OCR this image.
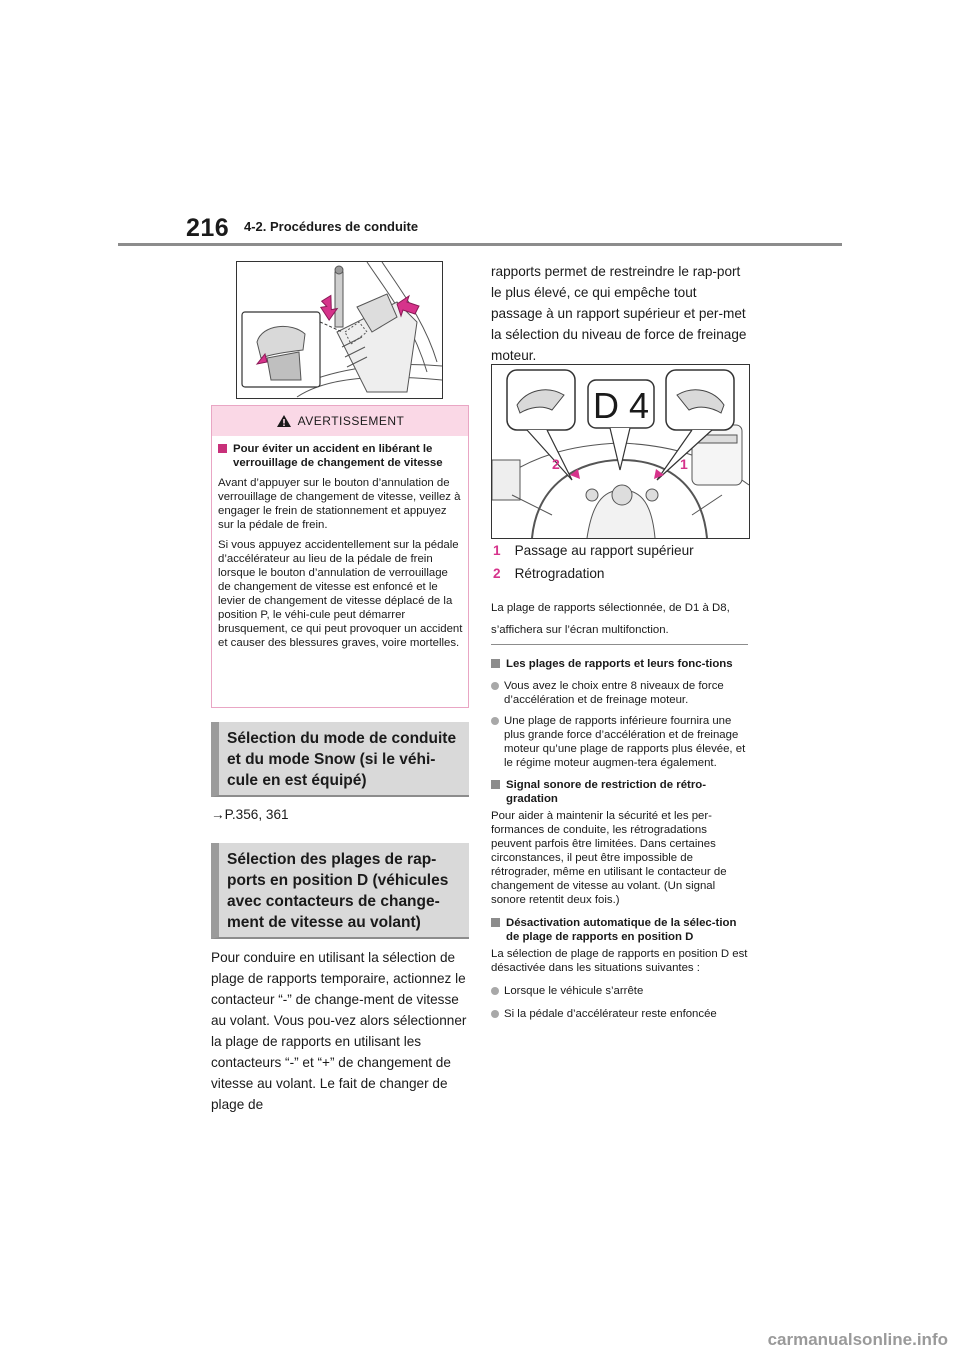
216 4-2. Procédures de conduite
AVERTISSEMENT
Pour éviter un accident en libérant le verrouillage de changement de vitesse

Avant d’appuyer sur le bouton d’annulation de verrouillage de changement de vitesse, veillez à engager le frein de stationnement et appuyez sur la pédale de frein.

Si vous appuyez accidentellement sur la pédale d’accélérateur au lieu de la pédale de frein lorsque le bouton d’annulation de verrouillage de changement de vitesse est enfoncé et le levier de changement de vitesse déplacé de la position P, le véhi-cule peut démarrer brusquement, ce qui peut provoquer un accident et causer des blessures graves, voire mortelles.

Sélection du mode de conduite et du mode Snow (si le véhi-cule en est équipé)
→P.356, 361
Sélection des plages de rap-ports en position D (véhicules avec contacteurs de change-ment de vitesse au volant)
Pour conduire en utilisant la sélection de plage de rapports temporaire, actionnez le contacteur “-” de change-ment de vitesse au volant. Vous pou-vez alors sélectionner la plage de rapports en utilisant les contacteurs “-” et “+” de changement de vitesse au volant. Le fait de changer de plage de
rapports permet de restreindre le rap-port le plus élevé, ce qui empêche tout passage à un rapport supérieur et per-met la sélection du niveau de force de freinage moteur.
D 4
2	1
1 Passage au rapport supérieur
2 Rétrogradation
La plage de rapports sélectionnée, de D1 à D8, s’affichera sur l’écran multifonction.
Les plages de rapports et leurs fonc-tions
Vous avez le choix entre 8 niveaux de force d’accélération et de freinage moteur.
Une plage de rapports inférieure fournira une plus grande force d’accélération et de freinage moteur qu’une plage de rapports plus élevée, et le régime moteur augmen-tera également.
Signal sonore de restriction de rétro-gradation
Pour aider à maintenir la sécurité et les per-formances de conduite, les rétrogradations peuvent parfois être limitées. Dans certaines circonstances, il peut être impossible de rétrograder, même en utilisant le contacteur de changement de vitesse au volant. (Un signal sonore retentit deux fois.)
Désactivation automatique de la sélec-tion de plage de rapports en position D
La sélection de plage de rapports en position D est désactivée dans les situations suivantes :
Lorsque le véhicule s’arrête
Si la pédale d’accélérateur reste enfoncée
carmanualsonline.info
